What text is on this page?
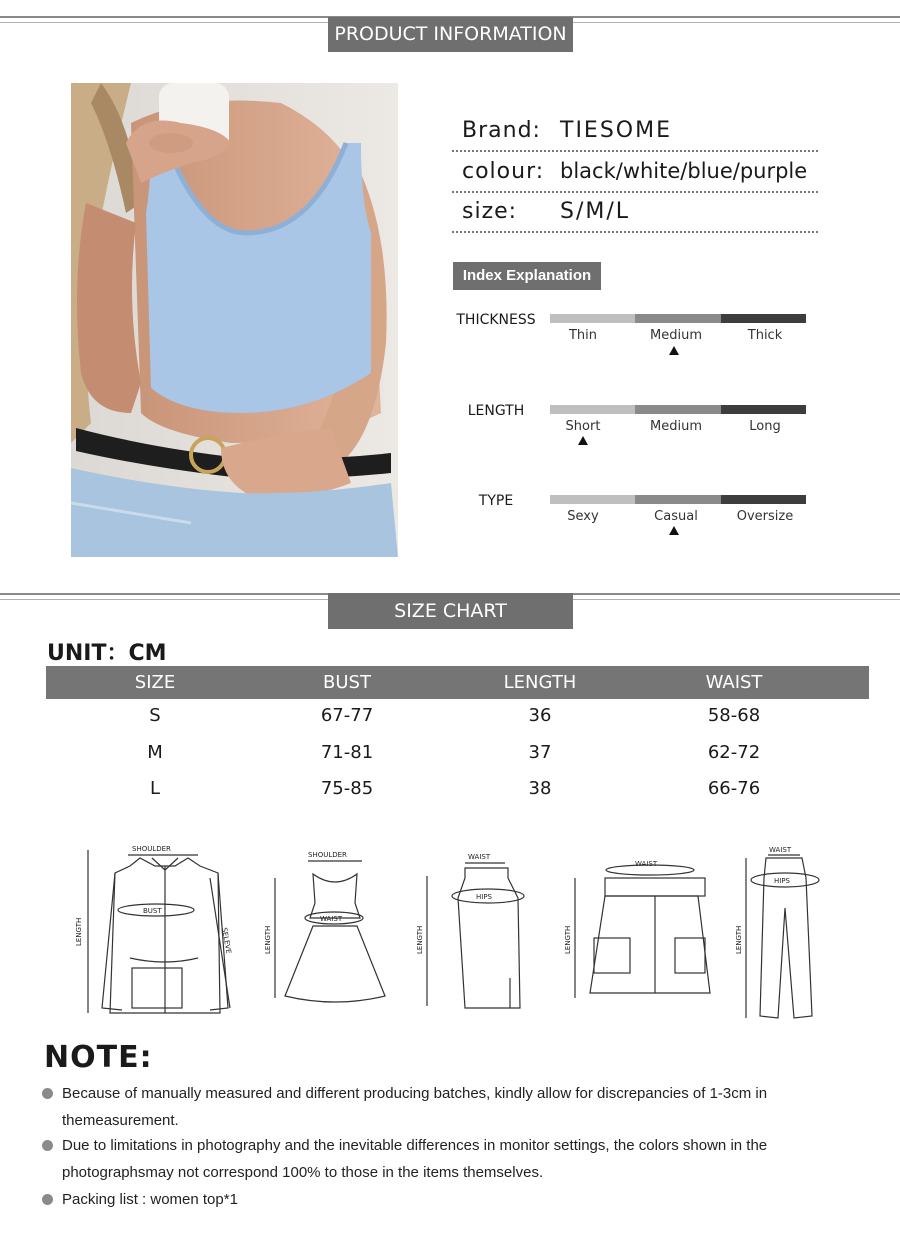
PRODUCT INFORMATION
Brand: TIESOME
colour: black/white/blue/purple
size: S/M/L
Index Explanation
THICKNESS
Thin	Medium	Thick
LENGTH
Short	Medium	Long
TYPE
Sexy	Casual	Oversize
SIZE CHART
UNIT：CM
SIZE	BUST	LENGTH	WAIST
S	67-77	36	58-68
M	71-81	37	62-72
L	75-85	38	66-76
SHOULDER
LENGTH
BUST
SELEVE
SHOULDER
LENGTH
WAIST
WAIST
LENGTH
HIPS
WAIST
LENGTH
WAIST
LENGTH
HIPS
NOTE:
Because of manually measured and different producing batches, kindly allow for discrepancies of 1-3cm in themeasurement.
Due to limitations in photography and the inevitable differences in monitor settings, the colors shown in the photographsmay not correspond 100% to those in the items themselves.
Packing list : women top*1
